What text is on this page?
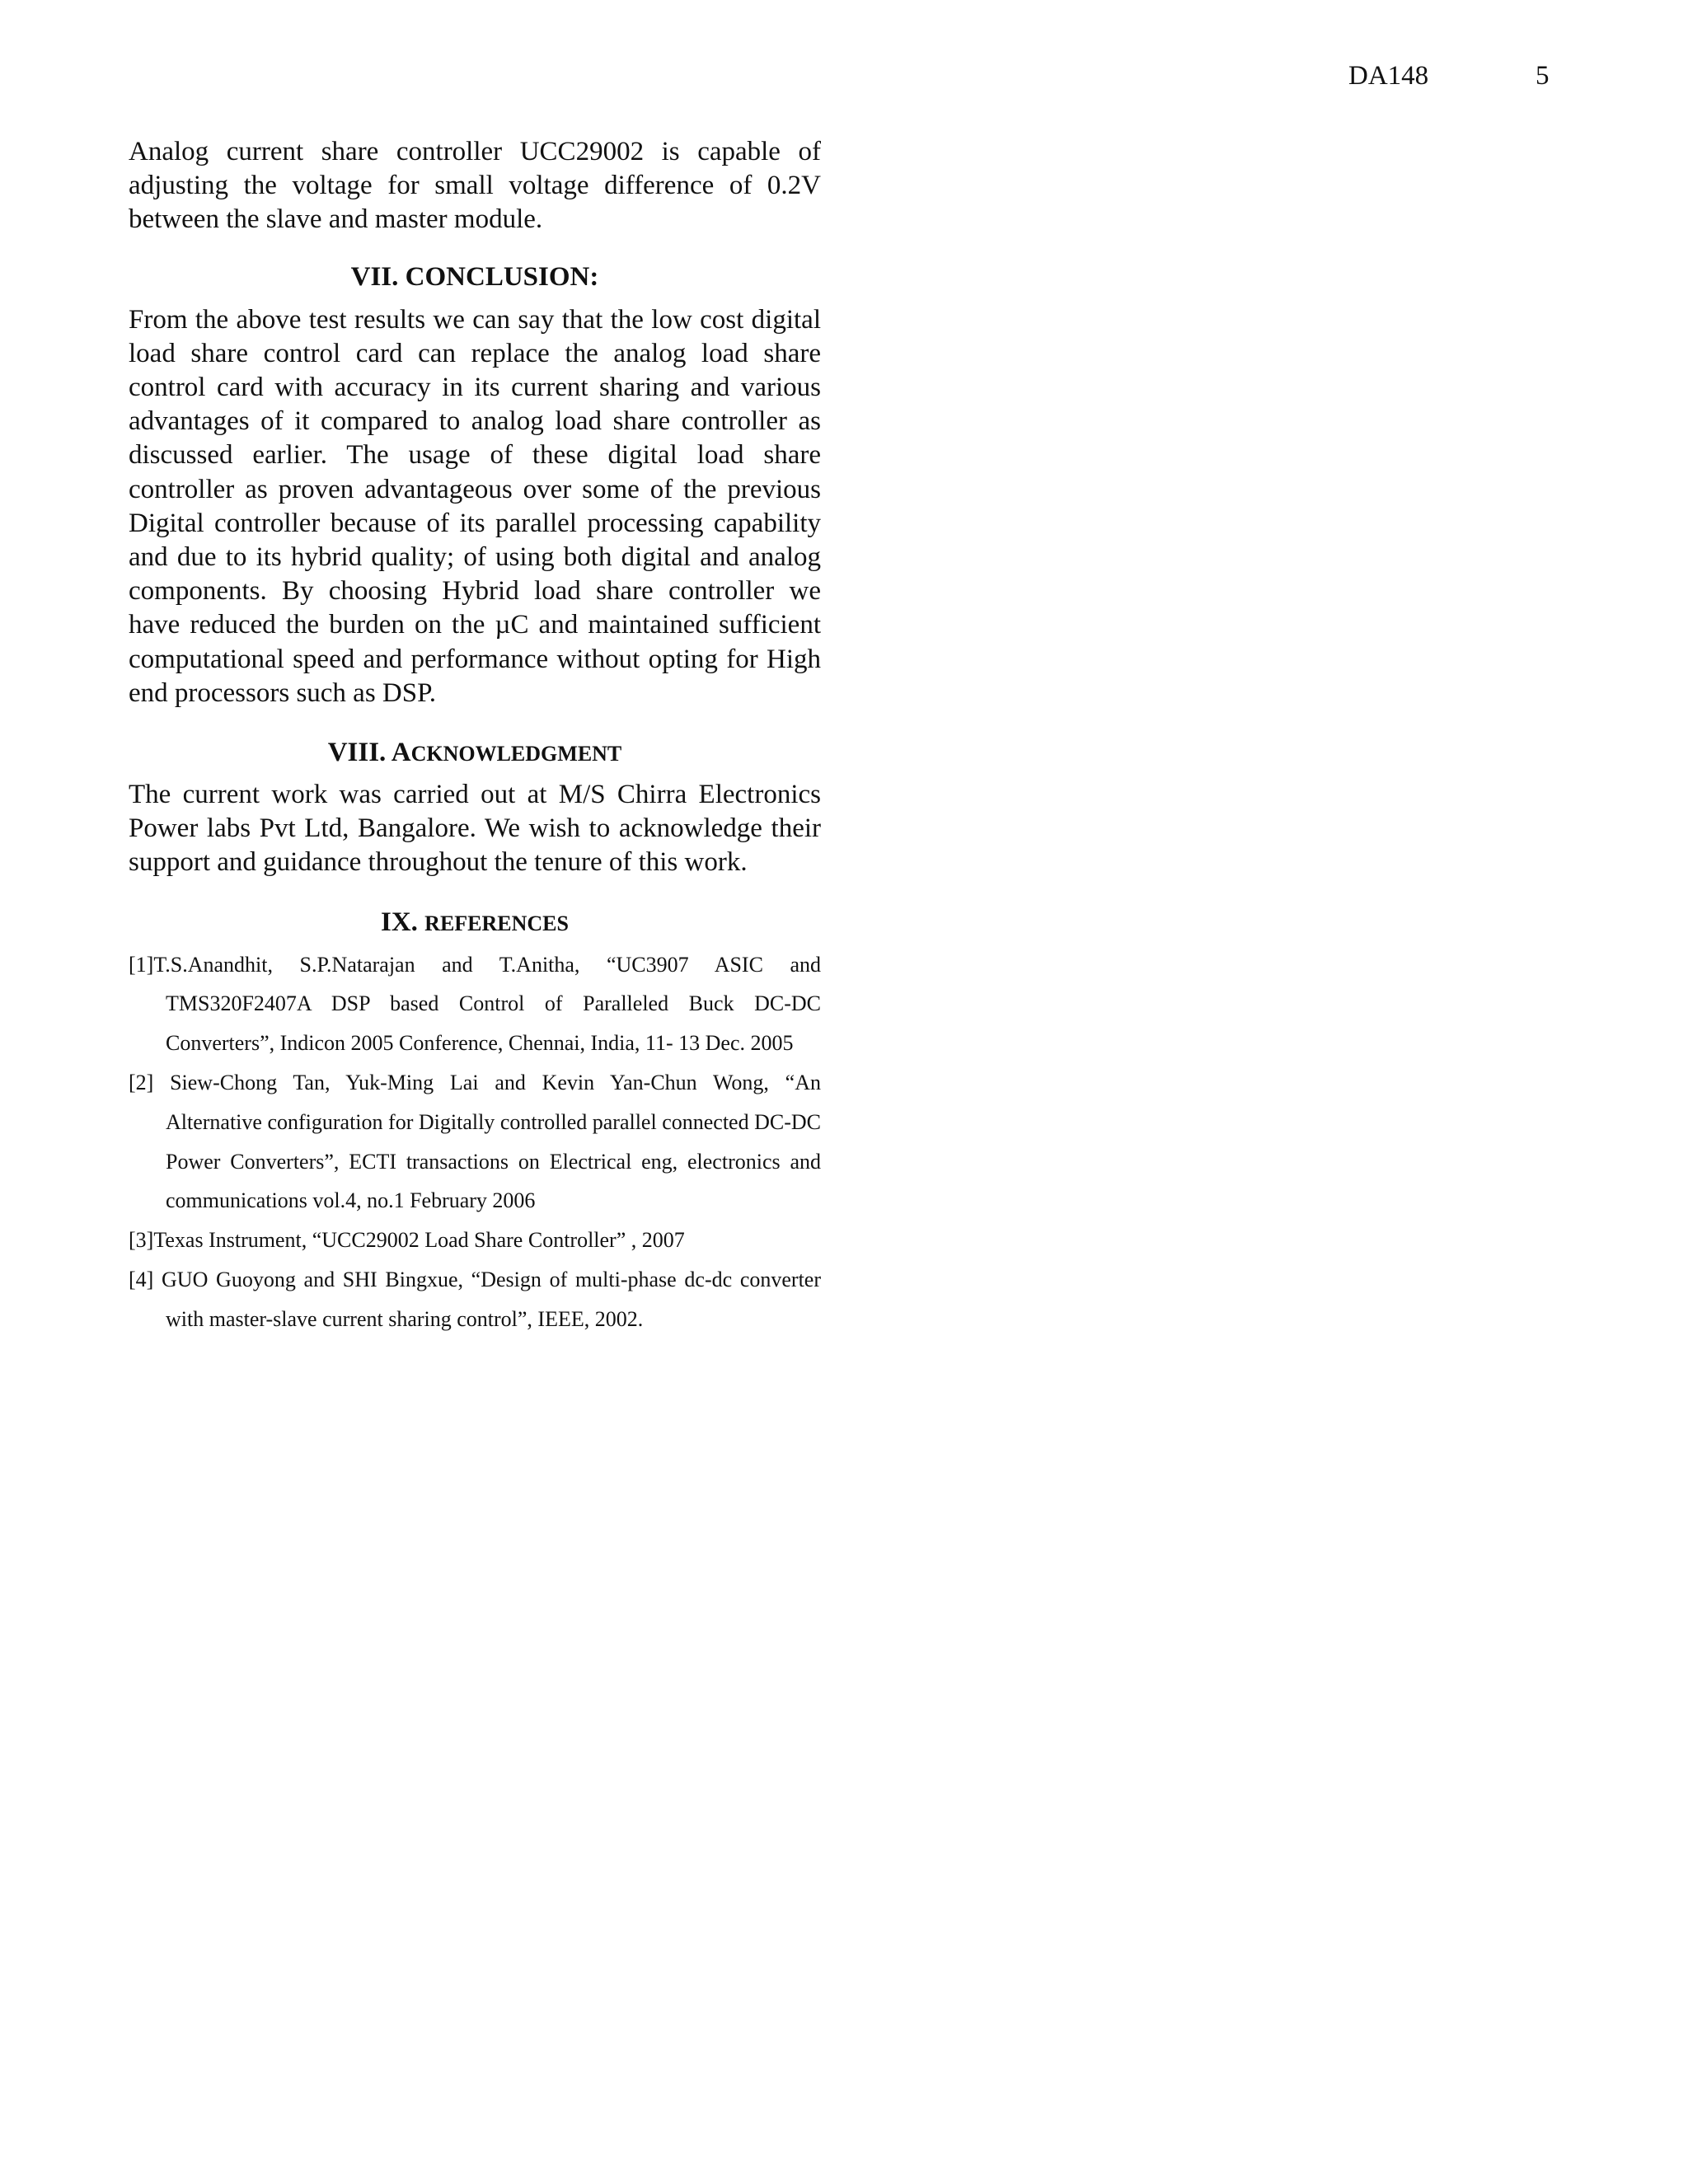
DA148	5

Analog current share controller UCC29002 is capable of adjusting the voltage for small voltage difference of 0.2V between the slave and master module.

VII. CONCLUSION:

From the above test results we can say that the low cost digital load share control card can replace the analog load share control card with accuracy in its current sharing and various advantages of it compared to analog load share controller as discussed earlier. The usage of these digital load share controller as proven advantageous over some of the previous Digital controller because of its parallel processing capability and due to its hybrid quality; of using both digital and analog components. By choosing Hybrid load share controller we have reduced the burden on the µC and maintained sufficient computational speed and performance without opting for High end processors such as DSP.

VIII. ACKNOWLEDGMENT

The current work was carried out at M/S Chirra Electronics Power labs Pvt Ltd, Bangalore. We wish to acknowledge their support and guidance throughout the tenure of this work.

IX. REFERENCES
[1]T.S.Anandhit, S.P.Natarajan and T.Anitha, “UC3907 ASIC and TMS320F2407A DSP based Control of Paralleled Buck DC-DC Converters”, Indicon 2005 Conference, Chennai, India, 11- 13 Dec. 2005
[2] Siew-Chong Tan, Yuk-Ming Lai and Kevin Yan-Chun Wong, “An Alternative configuration for Digitally controlled parallel connected DC-DC Power Converters”, ECTI transactions on Electrical eng, electronics and communications vol.4, no.1 February 2006
[3]Texas Instrument, “UCC29002 Load Share Controller” , 2007
[4] GUO Guoyong and SHI Bingxue, “Design of multi-phase dc-dc converter with master-slave current sharing control”, IEEE, 2002.
